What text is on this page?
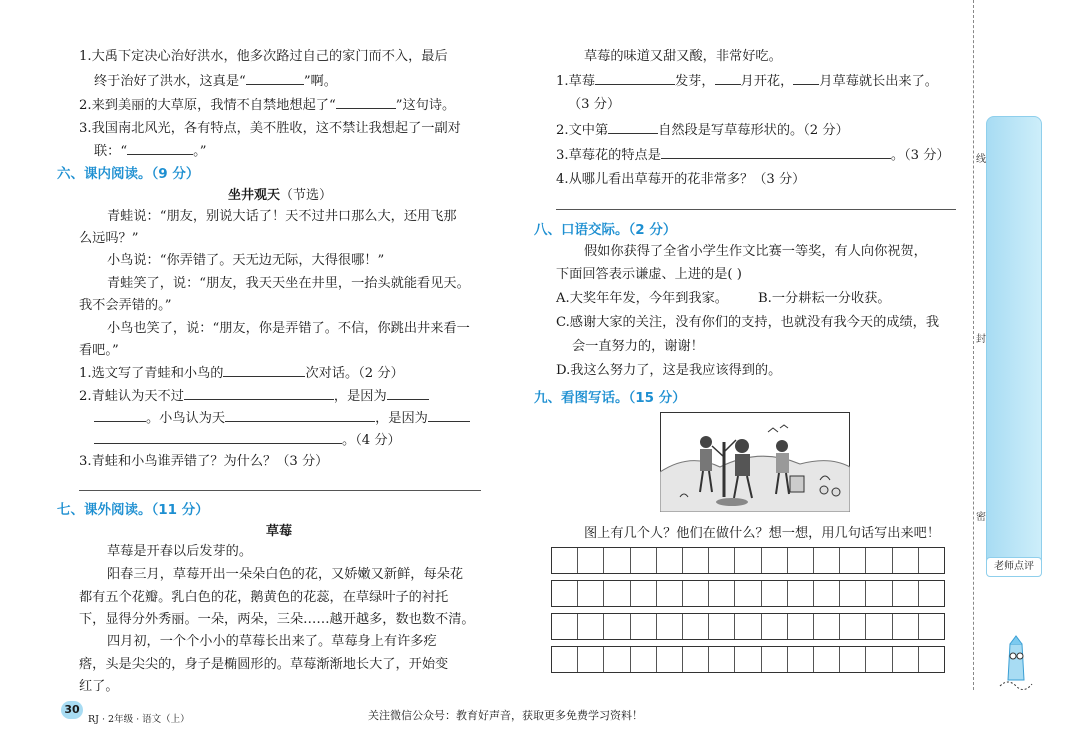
1.大禹下定决心治好洪水，他多次路过自己的家门而不入，最后
终于治好了洪水，这真是“	”啊。
2.来到美丽的大草原，我情不自禁地想起了“	”这句诗。
3.我国南北风光，各有特点，美不胜收，这不禁让我想起了一副对
联：“	。”
六、课内阅读。（9 分）
坐井观天（节选）
青蛙说：“朋友，别说大话了！天不过井口那么大，还用飞那
么远吗？”
小鸟说：“你弄错了。天无边无际，大得很哪！”
青蛙笑了，说：“朋友，我天天坐在井里，一抬头就能看见天。
我不会弄错的。”
小鸟也笑了，说：“朋友，你是弄错了。不信，你跳出井来看一
看吧。”
1.选文写了青蛙和小鸟的	次对话。（2 分）
2.青蛙认为天不过	，是因为
。小鸟认为天	，是因为
。（4 分）
3.青蛙和小鸟谁弄错了？为什么？（3 分）
七、课外阅读。（11 分）
草莓
草莓是开春以后发芽的。
阳春三月，草莓开出一朵朵白色的花，又娇嫩又新鲜，每朵花
都有五个花瓣。乳白色的花，鹅黄色的花蕊，在草绿叶子的衬托
下，显得分外秀丽。一朵，两朵，三朵……越开越多，数也数不清。
四月初，一个个小小的草莓长出来了。草莓身上有许多疙
瘩，头是尖尖的，身子是椭圆形的。草莓渐渐地长大了，开始变
红了。
草莓的味道又甜又酸，非常好吃。
1.草莓	发芽， 月开花， 月草莓就长出来了。
（3 分）
2.文中第	自然段是写草莓形状的。（2 分）
3.草莓花的特点是	。（3 分）
4.从哪儿看出草莓开的花非常多？（3 分）
八、口语交际。（2 分）
假如你获得了全省小学生作文比赛一等奖，有人向你祝贺，
下面回答表示谦虚、上进的是( )
A.大奖年年发，今年到我家。 B.一分耕耘一分收获。
C.感谢大家的关注，没有你们的支持，也就没有我今天的成绩，我
会一直努力的，谢谢！
D.我这么努力了，这是我应该得到的。
九、看图写话。（15 分）
图上有几个人？他们在做什么？想一想，用几句话写出来吧！
线
封
密
老师点评
30
RJ · 2年级 · 语文（上）	关注微信公众号：教育好声音，获取更多免费学习资料！
